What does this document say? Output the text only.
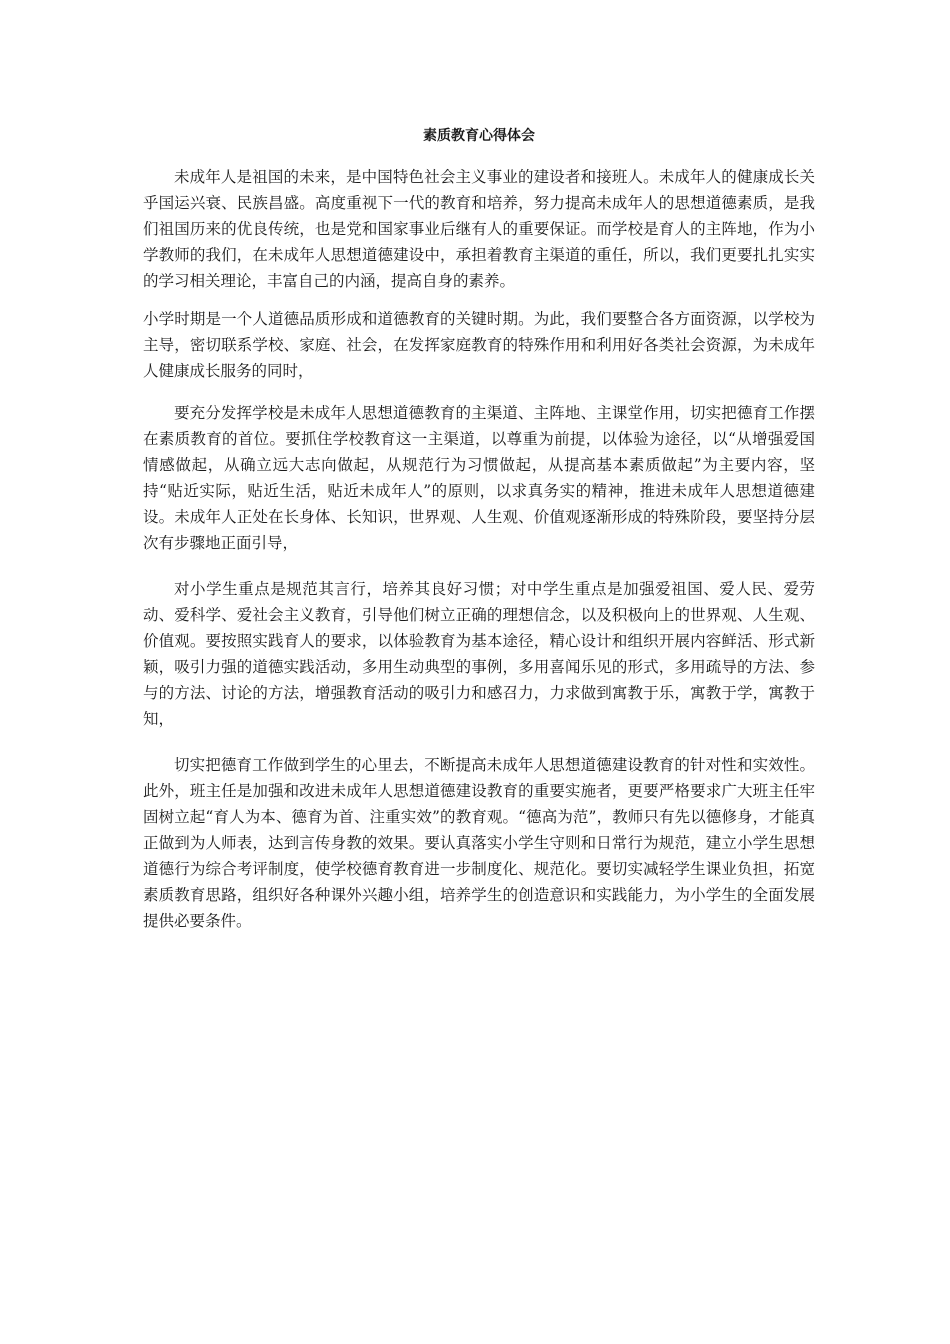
素质教育心得体会

未成年人是祖国的未来，是中国特色社会主义事业的建设者和接班人。未成年人的健康成长关乎国运兴衰、民族昌盛。高度重视下一代的教育和培养，努力提高未成年人的思想道德素质，是我们祖国历来的优良传统，也是党和国家事业后继有人的重要保证。而学校是育人的主阵地，作为小学教师的我们，在未成年人思想道德建设中，承担着教育主渠道的重任，所以，我们更要扎扎实实的学习相关理论，丰富自己的内涵，提高自身的素养。

小学时期是一个人道德品质形成和道德教育的关键时期。为此，我们要整合各方面资源，以学校为主导，密切联系学校、家庭、社会，在发挥家庭教育的特殊作用和利用好各类社会资源，为未成年人健康成长服务的同时，

要充分发挥学校是未成年人思想道德教育的主渠道、主阵地、主课堂作用，切实把德育工作摆在素质教育的首位。要抓住学校教育这一主渠道，以尊重为前提，以体验为途径，以“从增强爱国情感做起，从确立远大志向做起，从规范行为习惯做起，从提高基本素质做起”为主要内容，坚持“贴近实际，贴近生活，贴近未成年人”的原则，以求真务实的精神，推进未成年人思想道德建设。未成年人正处在长身体、长知识，世界观、人生观、价值观逐渐形成的特殊阶段，要坚持分层次有步骤地正面引导，

对小学生重点是规范其言行，培养其良好习惯；对中学生重点是加强爱祖国、爱人民、爱劳动、爱科学、爱社会主义教育，引导他们树立正确的理想信念，以及积极向上的世界观、人生观、价值观。要按照实践育人的要求，以体验教育为基本途径，精心设计和组织开展内容鲜活、形式新颖，吸引力强的道德实践活动，多用生动典型的事例，多用喜闻乐见的形式，多用疏导的方法、参与的方法、讨论的方法，增强教育活动的吸引力和感召力，力求做到寓教于乐，寓教于学，寓教于知，

切实把德育工作做到学生的心里去，不断提高未成年人思想道德建设教育的针对性和实效性。此外，班主任是加强和改进未成年人思想道德建设教育的重要实施者，更要严格要求广大班主任牢固树立起“育人为本、德育为首、注重实效”的教育观。“德高为范”，教师只有先以德修身，才能真正做到为人师表，达到言传身教的效果。要认真落实小学生守则和日常行为规范，建立小学生思想道德行为综合考评制度，使学校德育教育进一步制度化、规范化。要切实减轻学生课业负担，拓宽素质教育思路，组织好各种课外兴趣小组，培养学生的创造意识和实践能力，为小学生的全面发展提供必要条件。
